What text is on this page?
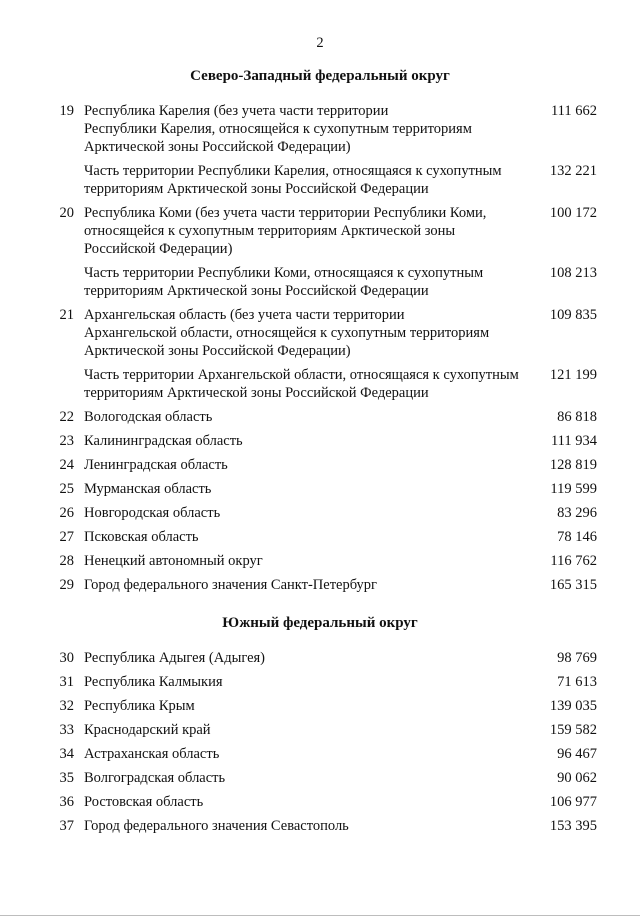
2
Северо-Западный федеральный округ
19 Республика Карелия (без учета части территории
Республики Карелия, относящейся к сухопутным территориям
Арктической зоны Российской Федерации)
111 662
Часть территории Республики Карелия, относящаяся к сухопутным
территориям Арктической зоны Российской Федерации
132 221
20 Республика Коми (без учета части территории Республики Коми,
относящейся к сухопутным территориям Арктической зоны
Российской Федерации)
100 172
Часть территории Республики Коми, относящаяся к сухопутным
территориям Арктической зоны Российской Федерации
108 213
21 Архангельская область (без учета части территории
Архангельской области, относящейся к сухопутным территориям
Арктической зоны Российской Федерации)
109 835
Часть территории Архангельской области, относящаяся к сухопутным
территориям Арктической зоны Российской Федерации
121 199
22 Вологодская область	86 818
23 Калининградская область	111 934
24 Ленинградская область	128 819
25 Мурманская область	119 599
26 Новгородская область	83 296
27 Псковская область	78 146
28 Ненецкий автономный округ	116 762
29 Город федерального значения Санкт-Петербург	165 315
Южный федеральный округ
30 Республика Адыгея (Адыгея)	98 769
31 Республика Калмыкия	71 613
32 Республика Крым	139 035
33 Краснодарский край	159 582
34 Астраханская область	96 467
35 Волгоградская область	90 062
36 Ростовская область	106 977
37 Город федерального значения Севастополь	153 395
